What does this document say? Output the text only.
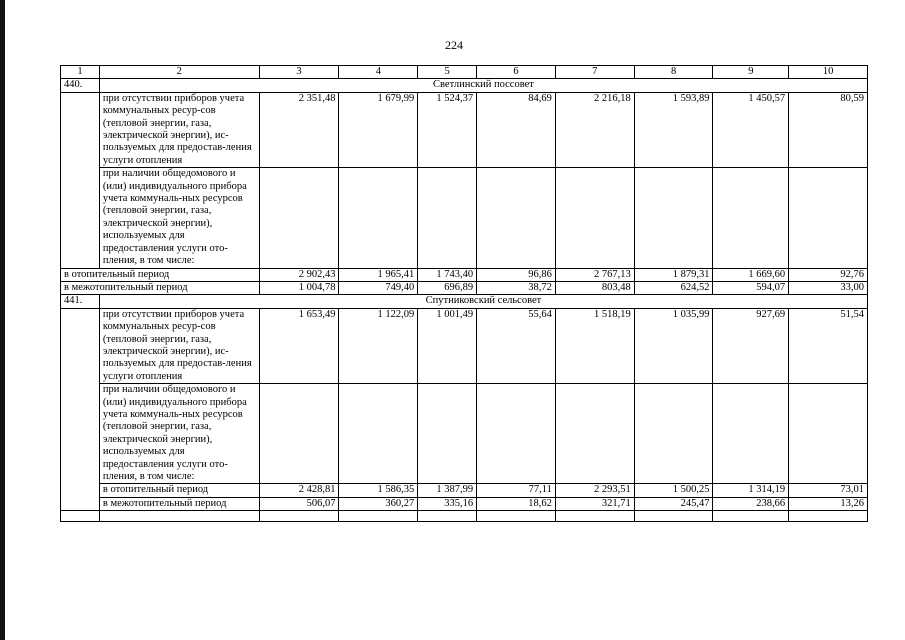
224
1	2	3	4	5	6	7	8	9	10
440.	Светлинский поссовет								
	при отсутствии приборов учета коммунальных ресур-сов (тепловой энергии, газа, электрической энергии), ис-пользуемых для предостав-ления услуги отопления	2 351,48	1 679,99	1 524,37	84,69	2 216,18	1 593,89	1 450,57	80,59
	при наличии общедомового и (или) индивидуального прибора учета коммуналь-ных ресурсов (тепловой энергии, газа, электрической энергии), используемых для предоставления услуги ото-пления, в том числе:								
в отопительный период		2 902,43	1 965,41	1 743,40	96,86	2 767,13	1 879,31	1 669,60	92,76
в межотопительный период		1 004,78	749,40	696,89	38,72	803,48	624,52	594,07	33,00
441.	Спутниковский сельсовет								
	при отсутствии приборов учета коммунальных ресур-сов (тепловой энергии, газа, электрической энергии), ис-пользуемых для предостав-ления услуги отопления	1 653,49	1 122,09	1 001,49	55,64	1 518,19	1 035,99	927,69	51,54
	при наличии общедомового и (или) индивидуального прибора учета коммуналь-ных ресурсов (тепловой энергии, газа, электрической энергии), используемых для предоставления услуги ото-пления, в том числе:								
	в отопительный период	2 428,81	1 586,35	1 387,99	77,11	2 293,51	1 500,25	1 314,19	73,01
	в межотопительный период	506,07	360,27	335,16	18,62	321,71	245,47	238,66	13,26
